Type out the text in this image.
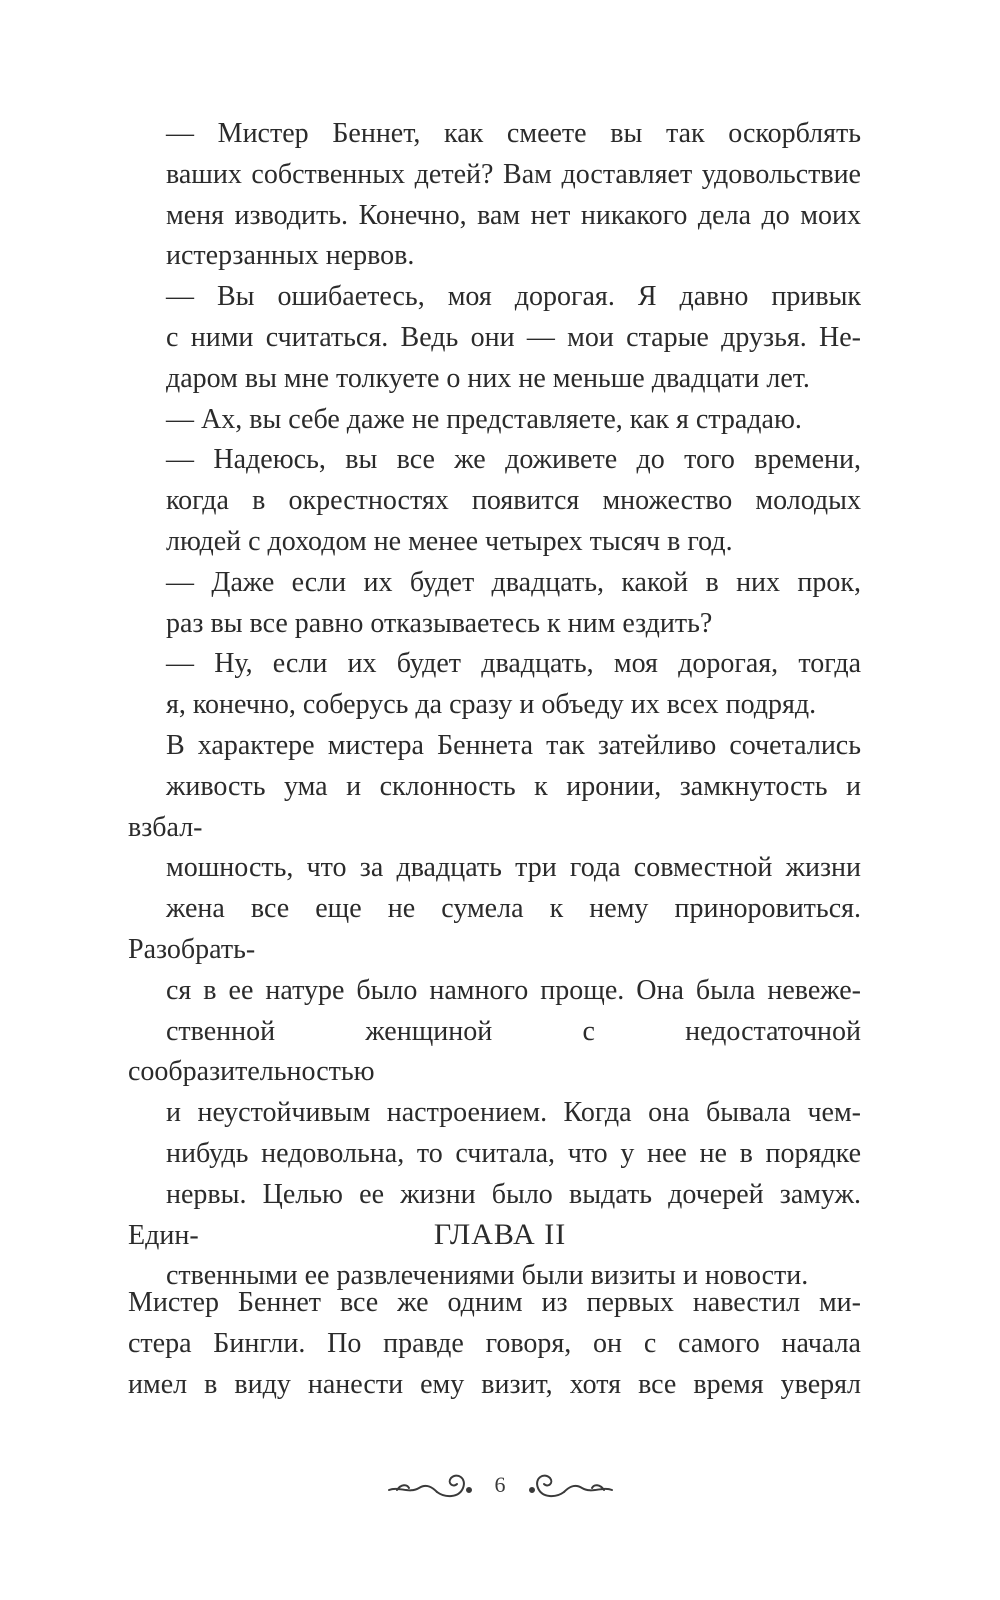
— Мистер Беннет, как смеете вы так оскорблять
ваших собственных детей? Вам доставляет удовольствие
меня изводить. Конечно, вам нет никакого дела до моих
истерзанных нервов.

— Вы ошибаетесь, моя дорогая. Я давно привык
с ними считаться. Ведь они — мои старые друзья. Не-
даром вы мне толкуете о них не меньше двадцати лет.

— Ах, вы себе даже не представляете, как я страдаю.

— Надеюсь, вы все же доживете до того времени,
когда в окрестностях появится множество молодых
людей с доходом не менее четырех тысяч в год.

— Даже если их будет двадцать, какой в них прок,
раз вы все равно отказываетесь к ним ездить?

— Ну, если их будет двадцать, моя дорогая, тогда
я, конечно, соберусь да сразу и объеду их всех подряд.

В характере мистера Беннета так затейливо сочетались
живость ума и склонность к иронии, замкнутость и взбал-
мошность, что за двадцать три года совместной жизни
жена все еще не сумела к нему приноровиться. Разобрать-
ся в ее натуре было намного проще. Она была невеже-
ственной женщиной с недостаточной сообразительностью
и неустойчивым настроением. Когда она бывала чем-
нибудь недовольна, то считала, что у нее не в порядке
нервы. Целью ее жизни было выдать дочерей замуж. Един-
ственными ее развлечениями были визиты и новости.

ГЛАВА II

Мистер Беннет все же одним из первых навестил ми-
стера Бингли. По правде говоря, он с самого начала
имел в виду нанести ему визит, хотя все время уверял

6
